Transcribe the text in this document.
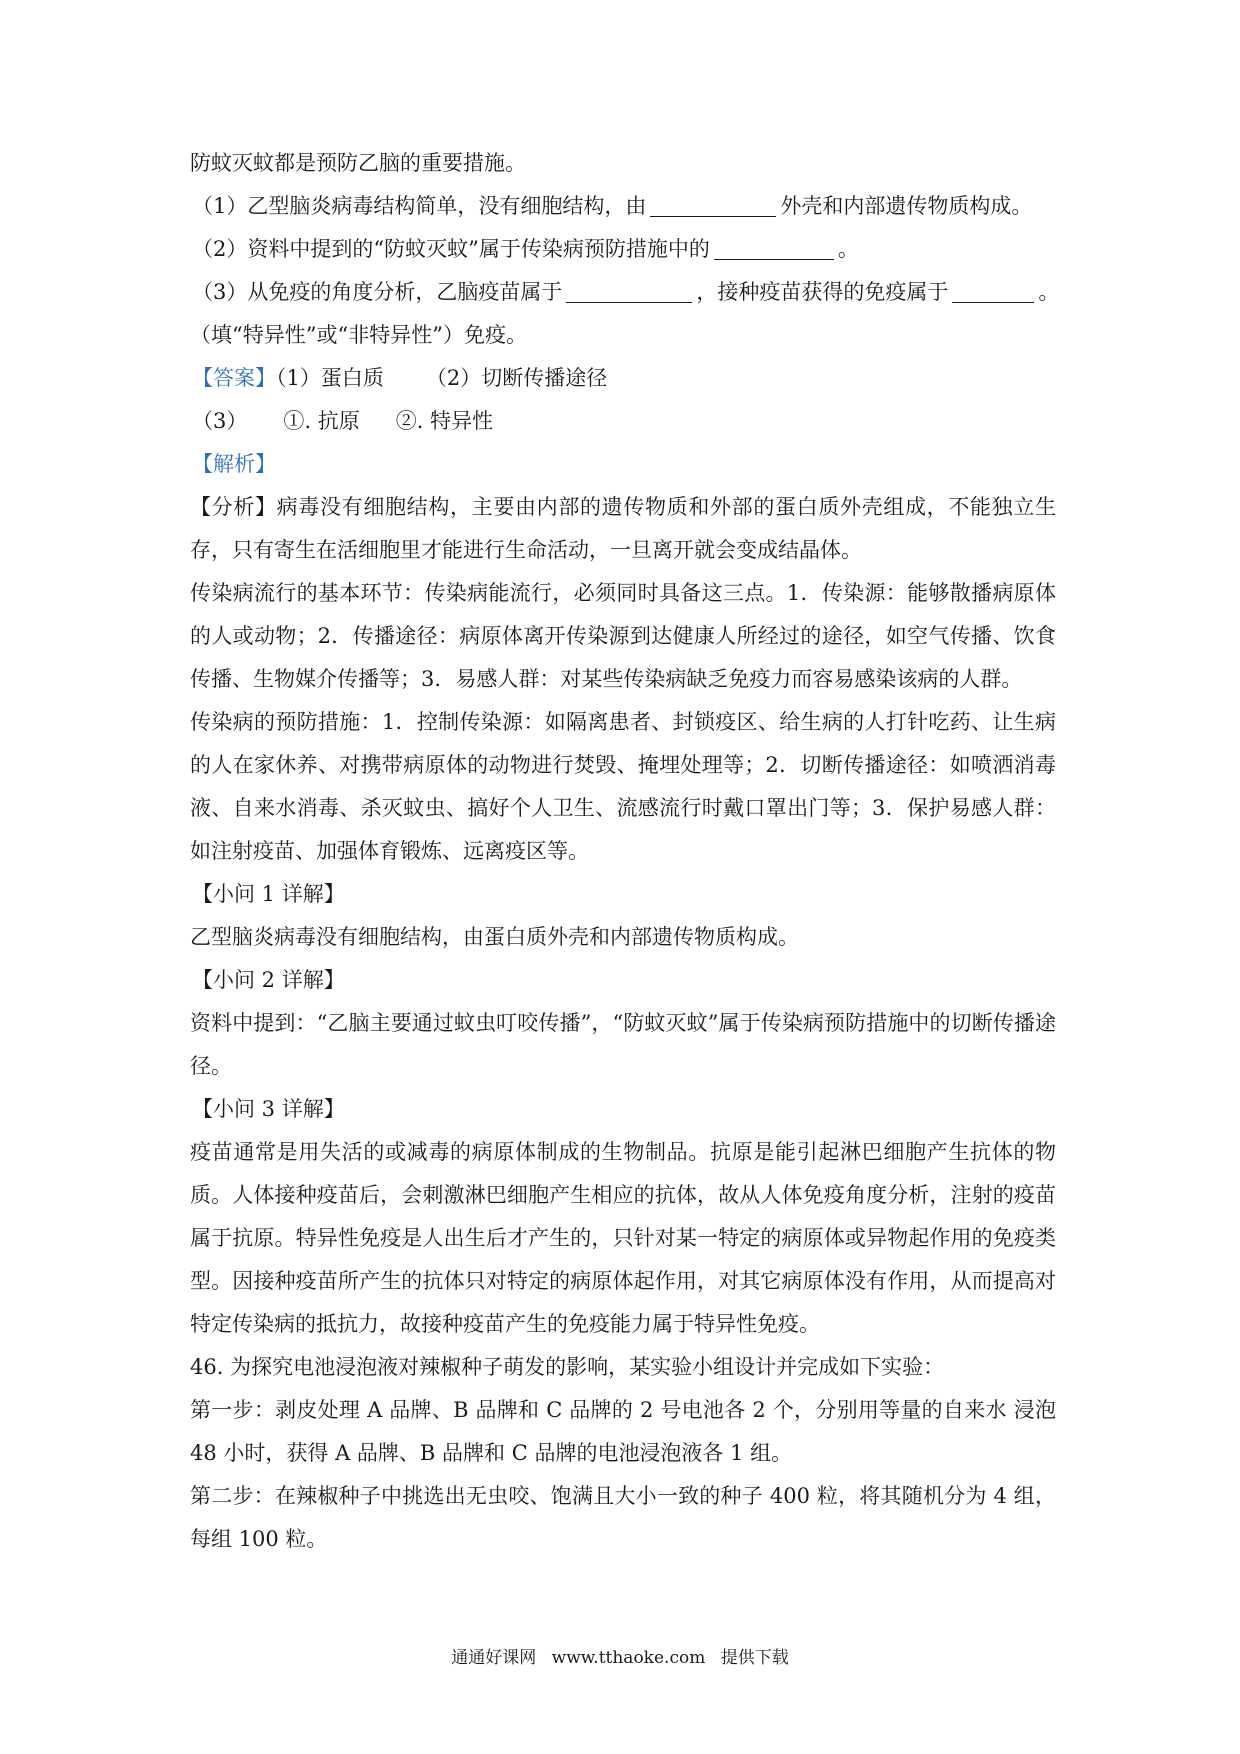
防蚊灭蚊都是预防乙脑的重要措施。
（1）乙型脑炎病毒结构简单，没有细胞结构，由	外壳和内部遗传物质构成。
（2）资料中提到的“防蚊灭蚊”属于传染病预防措施中的	。
（3）从免疫的角度分析，乙脑疫苗属于	，接种疫苗获得的免疫属于	。
（填“特异性”或“非特异性”）免疫。
【答案】（1）蛋白质 （2）切断传播途径
（3） ①. 抗原 ②. 特异性
【解析】

【分析】病毒没有细胞结构，主要由内部的遗传物质和外部的蛋白质外壳组成，不能独立生存，只有寄生在活细胞里才能进行生命活动，一旦离开就会变成结晶体。

传染病流行的基本环节：传染病能流行，必须同时具备这三点。1．传染源：能够散播病原体的人或动物；2．传播途径：病原体离开传染源到达健康人所经过的途径，如空气传播、饮食传播、生物媒介传播等；3．易感人群：对某些传染病缺乏免疫力而容易感染该病的人群。

传染病的预防措施：1．控制传染源：如隔离患者、封锁疫区、给生病的人打针吃药、让生病的人在家休养、对携带病原体的动物进行焚毁、掩埋处理等；2．切断传播途径：如喷洒消毒液、自来水消毒、杀灭蚊虫、搞好个人卫生、流感流行时戴口罩出门等；3．保护易感人群：如注射疫苗、加强体育锻炼、远离疫区等。

【小问 1 详解】

乙型脑炎病毒没有细胞结构，由蛋白质外壳和内部遗传物质构成。

【小问 2 详解】

资料中提到：“乙脑主要通过蚊虫叮咬传播”，“防蚊灭蚊”属于传染病预防措施中的切断传播途径。

【小问 3 详解】

疫苗通常是用失活的或减毒的病原体制成的生物制品。抗原是能引起淋巴细胞产生抗体的物质。人体接种疫苗后，会刺激淋巴细胞产生相应的抗体，故从人体免疫角度分析，注射的疫苗属于抗原。特异性免疫是人出生后才产生的，只针对某一特定的病原体或异物起作用的免疫类型。因接种疫苗所产生的抗体只对特定的病原体起作用，对其它病原体没有作用，从而提高对特定传染病的抵抗力，故接种疫苗产生的免疫能力属于特异性免疫。

46. 为探究电池浸泡液对辣椒种子萌发的影响，某实验小组设计并完成如下实验：

第一步：剥皮处理 A 品牌、B 品牌和 C 品牌的 2 号电池各 2 个，分别用等量的自来水 浸泡 48 小时，获得 A 品牌、B 品牌和 C 品牌的电池浸泡液各 1 组。

第二步：在辣椒种子中挑选出无虫咬、饱满且大小一致的种子 400 粒，将其随机分为 4 组，每组 100 粒。

通通好课网 www.tthaoke.com 提供下载
